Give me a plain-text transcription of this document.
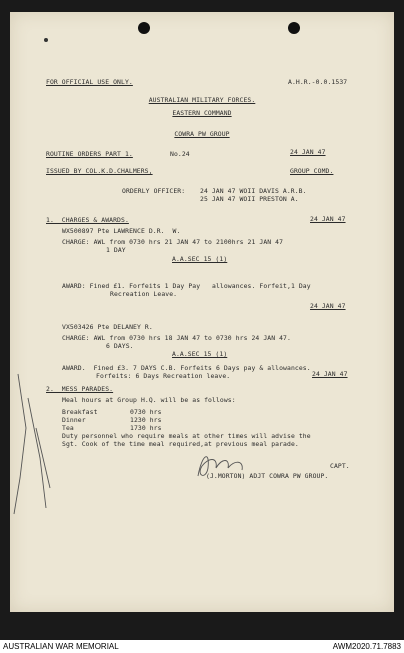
FOR OFFICIAL USE ONLY.	A.H.R.-0.0.1537
AUSTRALIAN MILITARY FORCES.
EASTERN COMMAND
COWRA PW GROUP
ROUTINE ORDERS PART 1.	No.24	24 JAN 47
ISSUED BY COL.K.D.CHALMERS,	GROUP COMD.
ORDERLY OFFICER: 24 JAN 47 WOII DAVIS A.R.B.
25 JAN 47 WOII PRESTON A.
1.  CHARGES & AWARDS.	24 JAN 47
WX500897 Pte LAWRENCE D.R.  W.
CHARGE: AWL from 0730 hrs 21 JAN 47 to 2100hrs 21 JAN 47
1 DAY
A.A.SEC 15 (1)
AWARD: Fined £1. Forfeits 1 Day Pay   allowances. Forfeit,1 Day
Recreation Leave.
24 JAN 47
VX503426 Pte DELANEY R.
CHARGE: AWL from 0730 hrs 18 JAN 47 to 0730 hrs 24 JAN 47.
6 DAYS.
A.A.SEC 15 (1)
AWARD.  Fined £3. 7 DAYS C.B. Forfeits 6 Days pay & allowances.
Forfeits: 6 Days Recreation leave.	24 JAN 47
2.  MESS PARADES.
Meal hours at Group H.Q. will be as follows:
Breakfast	0730 hrs
Dinner	1230 hrs
Tea	1730 hrs
Duty personnel who require meals at other times will advise the
Sgt. Cook of the time meal required,at previous meal parade.
CAPT.
(J.MORTON) ADJT COWRA PW GROUP.
AUSTRALIAN WAR MEMORIAL	AWM2020.71.7883
